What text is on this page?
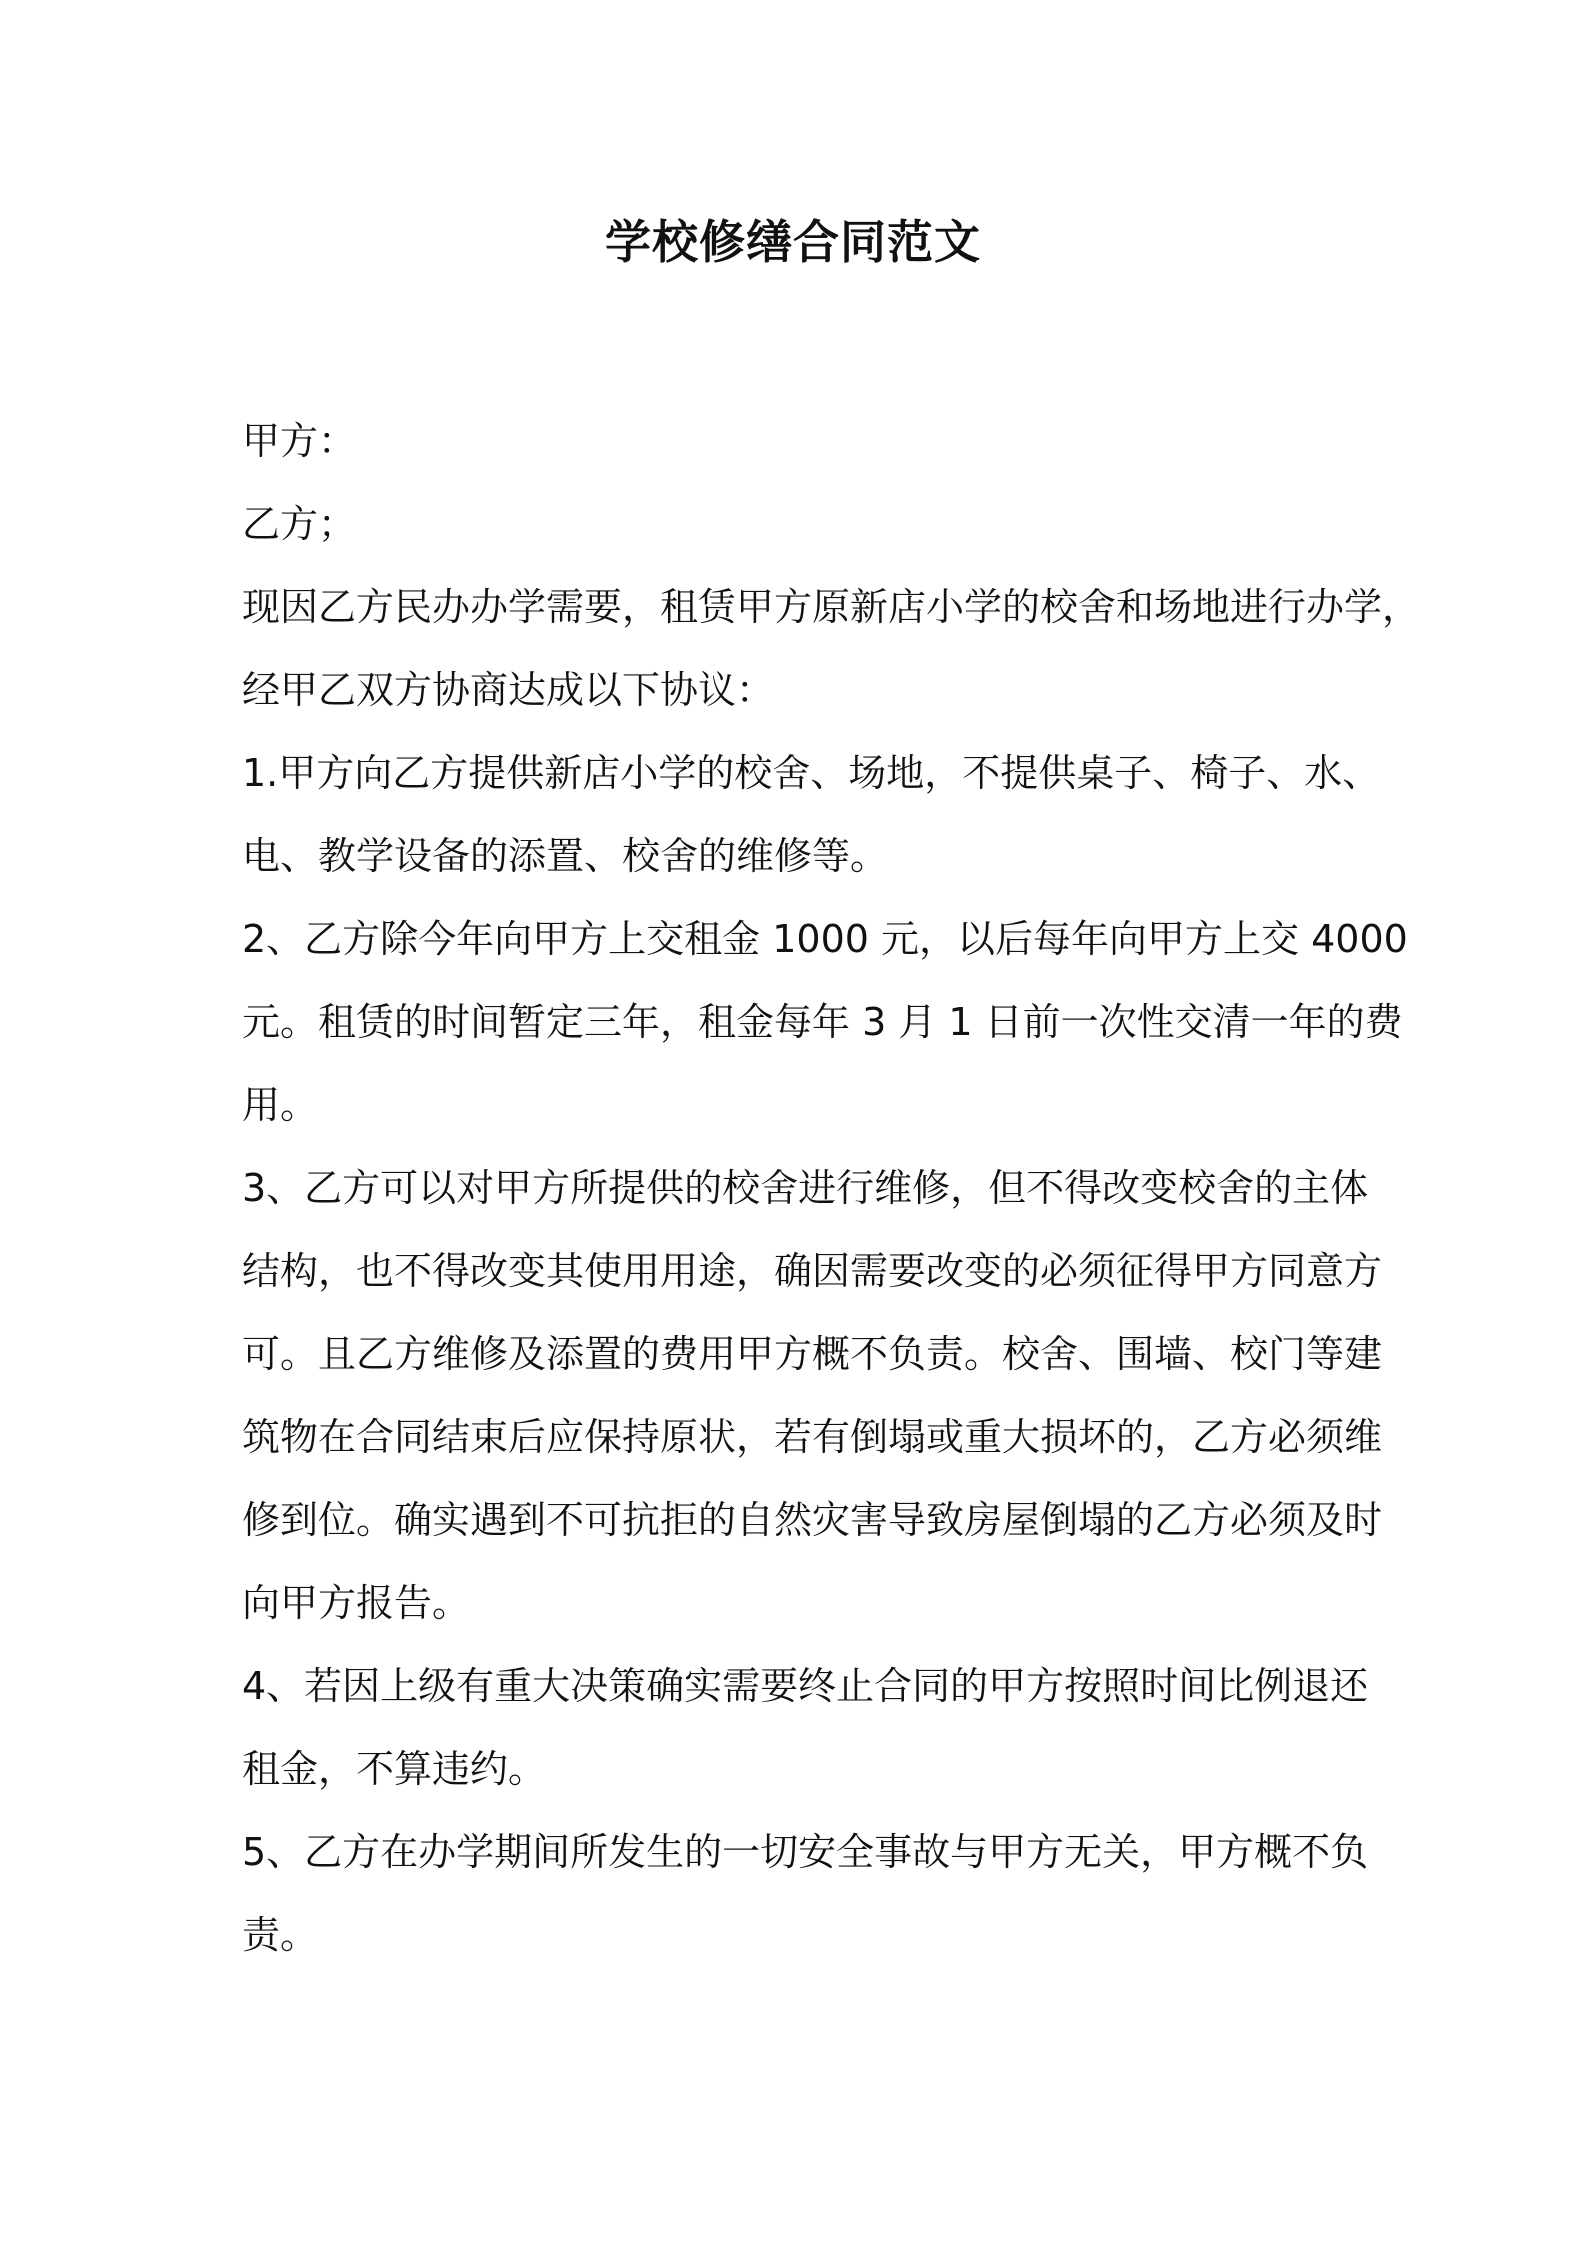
学校修缮合同范文
甲方：
乙方；
现因乙方民办办学需要，租赁甲方原新店小学的校舍和场地进行办学，
经甲乙双方协商达成以下协议：
1.甲方向乙方提供新店小学的校舍、场地，不提供桌子、椅子、水、
电、教学设备的添置、校舍的维修等。
2、乙方除今年向甲方上交租金 1000 元，以后每年向甲方上交 4000
元。租赁的时间暂定三年，租金每年 3 月 1 日前一次性交清一年的费
用。
3、乙方可以对甲方所提供的校舍进行维修，但不得改变校舍的主体
结构，也不得改变其使用用途，确因需要改变的必须征得甲方同意方
可。且乙方维修及添置的费用甲方概不负责。校舍、围墙、校门等建
筑物在合同结束后应保持原状，若有倒塌或重大损坏的，乙方必须维
修到位。确实遇到不可抗拒的自然灾害导致房屋倒塌的乙方必须及时
向甲方报告。
4、若因上级有重大决策确实需要终止合同的甲方按照时间比例退还
租金，不算违约。
5、乙方在办学期间所发生的一切安全事故与甲方无关，甲方概不负
责。
